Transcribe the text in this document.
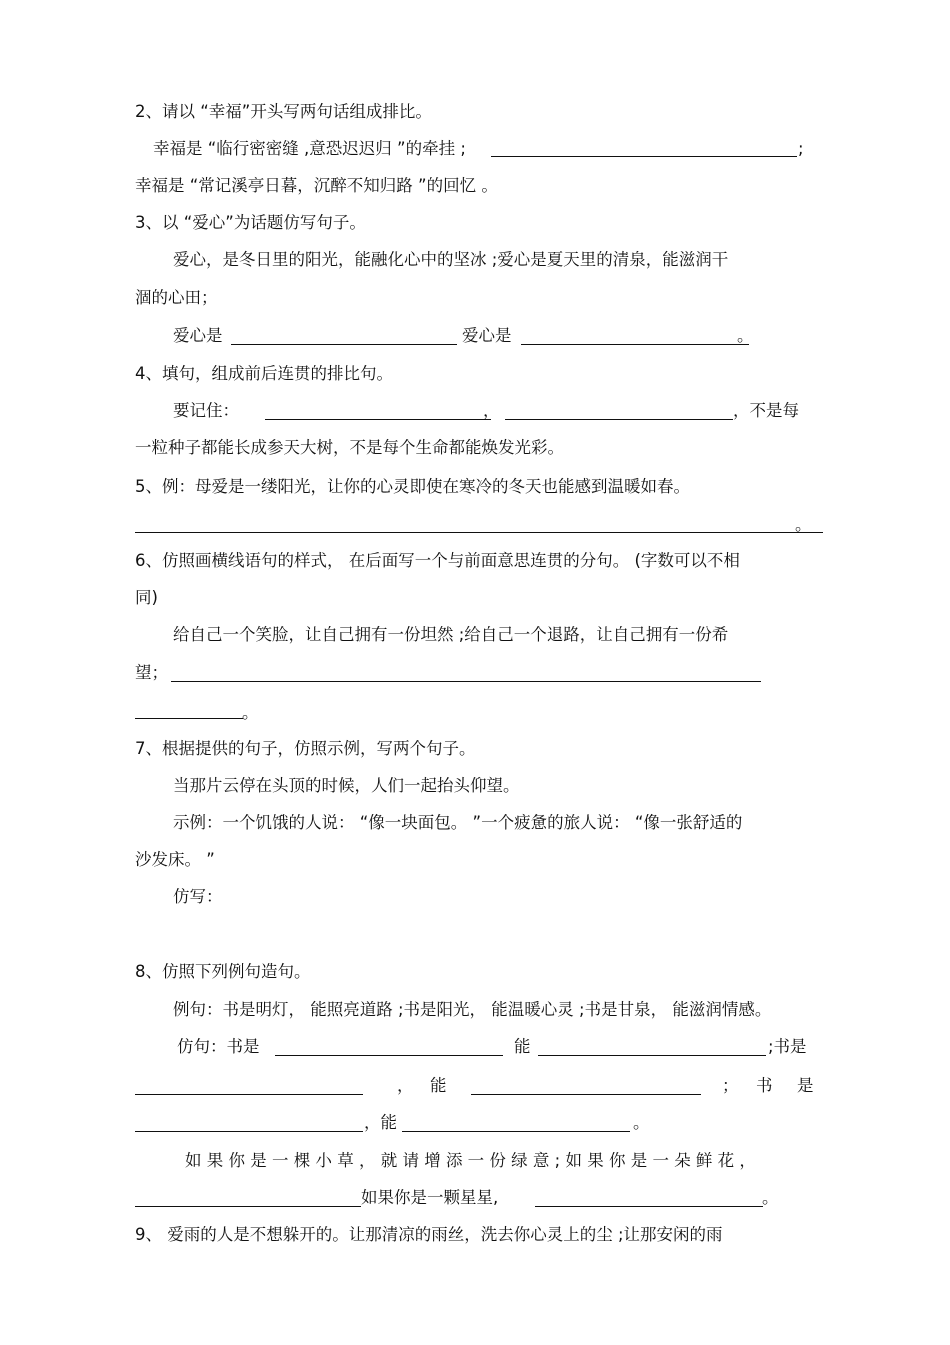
2、请以 “幸福”开头写两句话组成排比。
幸福是 “临行密密缝 ,意恐迟迟归 ”的牵挂 ;	;
幸福是 “常记溪亭日暮，沉醉不知归路 ”的回忆 。
3、以 “爱心”为话题仿写句子。
爱心，是冬日里的阳光，能融化心中的坚冰 ;爱心是夏天里的清泉，能滋润干
涸的心田；
爱心是	爱心是	。
4、填句，组成前后连贯的排比句。
要记住：	，	，不是每
一粒种子都能长成参天大树，不是每个生命都能焕发光彩。
5、例：母爱是一缕阳光，让你的心灵即使在寒冷的冬天也能感到温暖如春。
。
6、仿照画横线语句的样式， 在后面写一个与前面意思连贯的分句。 (字数可以不相
同)
给自己一个笑脸，让自己拥有一份坦然 ;给自己一个退路，让自己拥有一份希
望；
。
7、根据提供的句子，仿照示例，写两个句子。
当那片云停在头顶的时候，人们一起抬头仰望。
示例：一个饥饿的人说： “像一块面包。 ”一个疲惫的旅人说： “像一张舒适的
沙发床。 ”
仿写：
8、仿照下列例句造句。
例句：书是明灯， 能照亮道路 ;书是阳光， 能温暖心灵 ;书是甘泉， 能滋润情感。
仿句：书是	能	;书是
， 能	； 书 是
，能	。
如 果 你 是 一 棵 小 草 ， 就 请 增 添 一 份 绿 意 ; 如 果 你 是 一 朵 鲜 花 ，
如果你是一颗星星,	。
9、 爱雨的人是不想躲开的。让那清凉的雨丝，洗去你心灵上的尘 ;让那安闲的雨
